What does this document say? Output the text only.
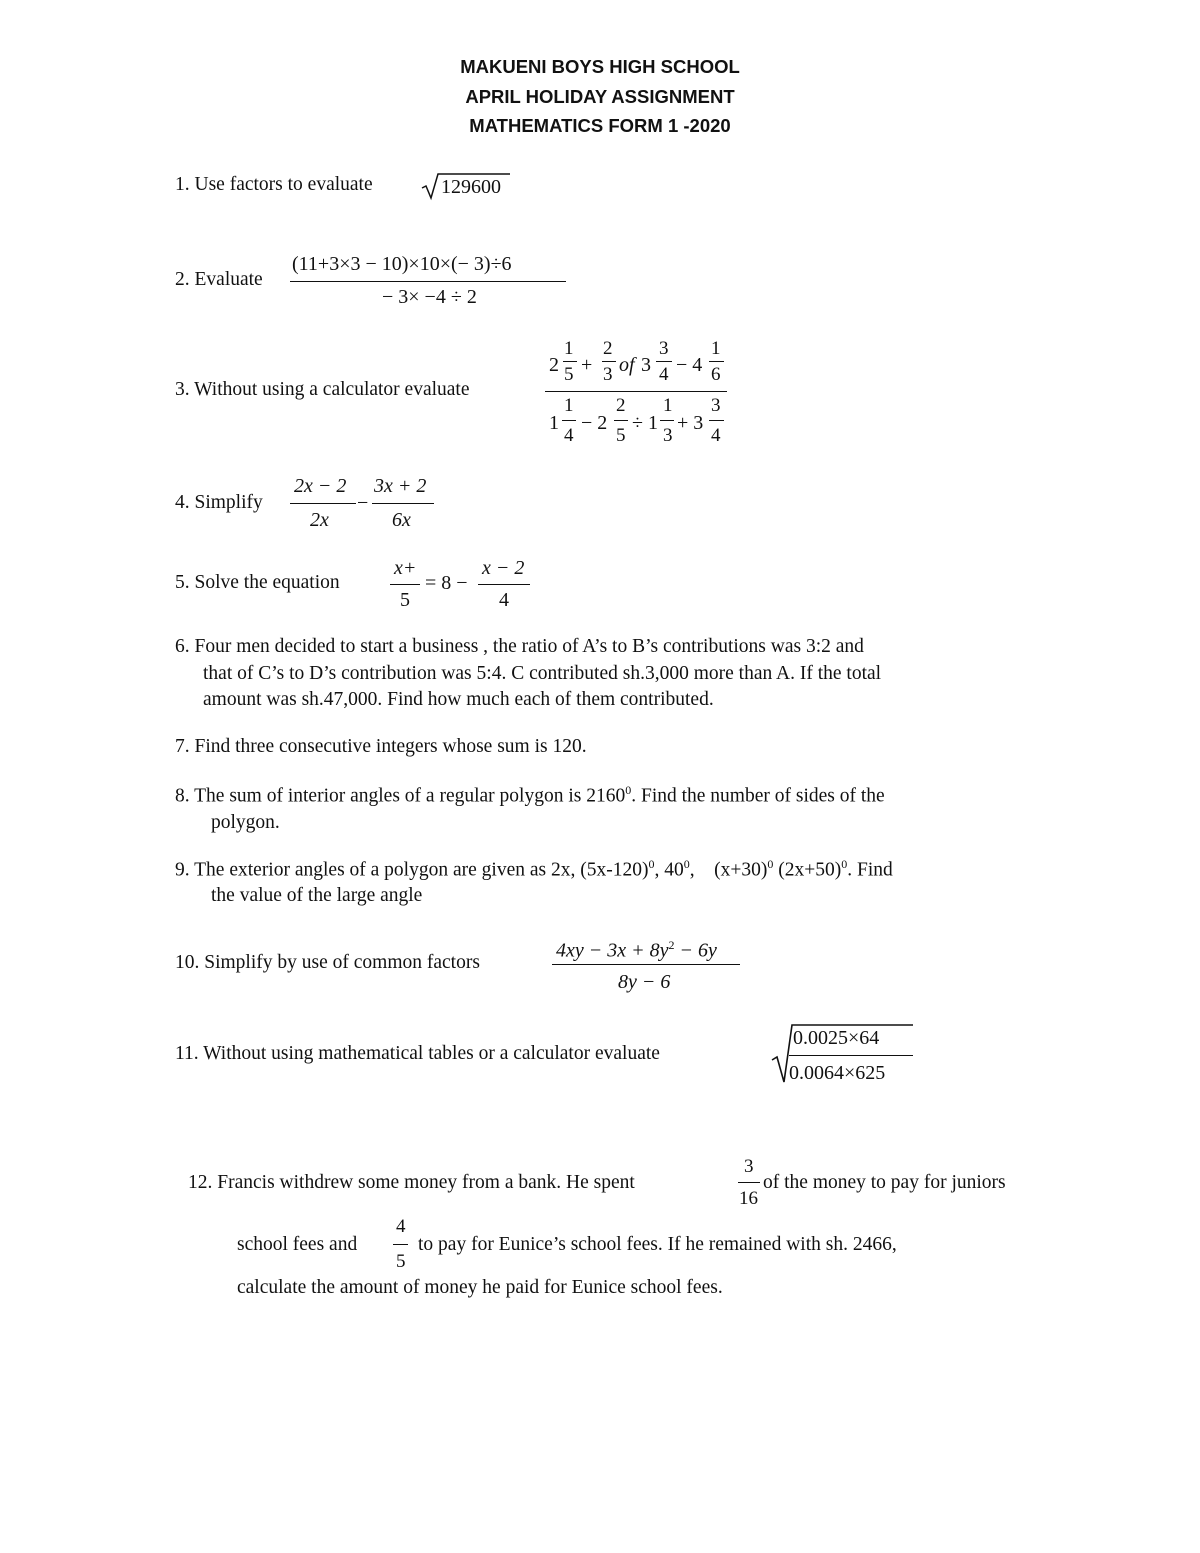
MAKUENI BOYS HIGH SCHOOL
APRIL HOLIDAY ASSIGNMENT
MATHEMATICS FORM 1 -2020
1. Use factors to evaluate	129600
2. Evaluate
(11+3×3 − 10)×10×(− 3)÷6
− 3× −4 ÷ 2
3. Without using a calculator evaluate
2
1
5 +
2
3 of 3
3
4 − 4
1
6
1
1
4
− 2
2
5
÷ 1
1
3
+ 3
3
4
4. Simplify
2x − 2
2x
−
3x + 2
6x
5. Solve the equation
x+
5
= 8 −
x − 2
4
6. Four men decided to start a business , the ratio of A’s to B’s contributions was 3:2 and
that of C’s to D’s contribution was 5:4. C contributed sh.3,000 more than A. If the total
amount was sh.47,000. Find how much each of them contributed.
7. Find three consecutive integers whose sum is 120.
8. The sum of interior angles of a regular polygon is 2160$^0$. Find the number of sides of the
polygon.
9. The exterior angles of a polygon are given as 2x, $(5x-120)^0$, $40^0$,    $(x+30)^0$ $(2x+50)^0$. Find
the value of the large angle
10. Simplify by use of common factors
$4xy - 3x + 8y^2 - 6y$
8y − 6
11. Without using mathematical tables or a calculator evaluate
0.0025×64
0.0064×625
12. Francis withdrew some money from a bank. He spent
3
16
of the money to pay for juniors
school fees and
4
5
to pay for Eunice’s school fees. If he remained with sh. 2466,
calculate the amount of money he paid for Eunice school fees.
